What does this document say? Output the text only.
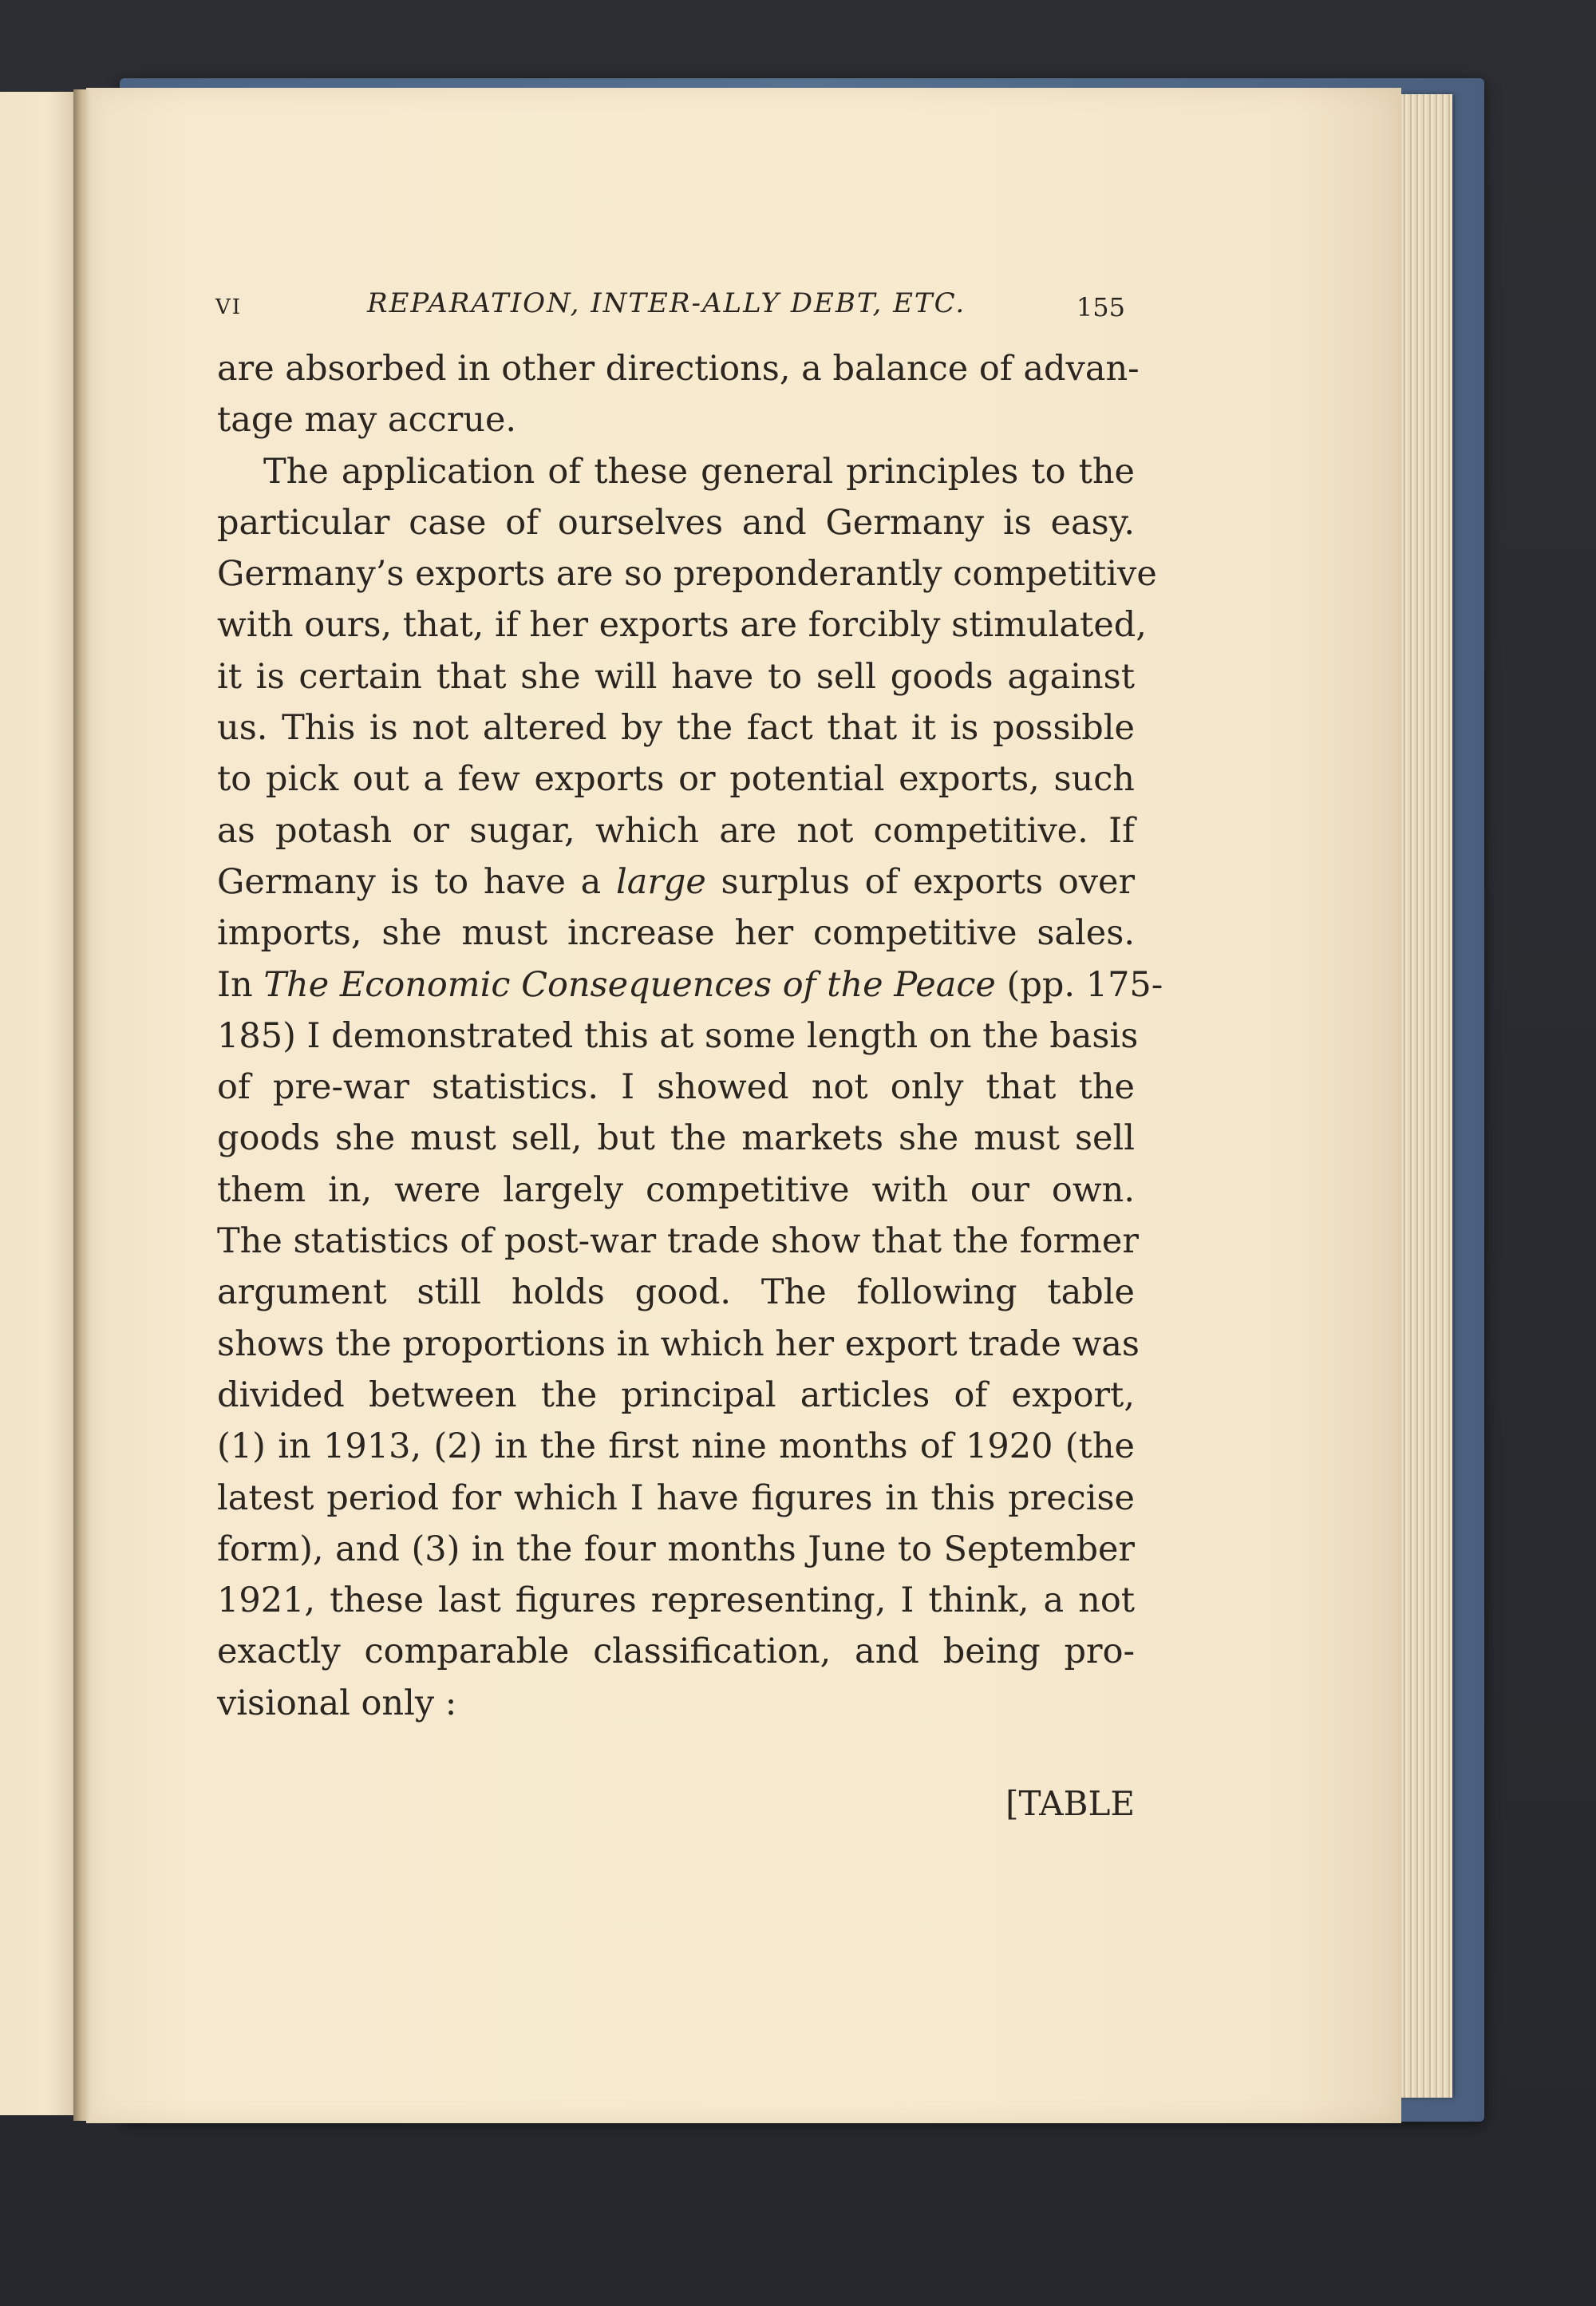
VI	REPARATION, INTER-ALLY DEBT, ETC.	155
are absorbed in other directions, a balance of advan-
tage may accrue.
The application of these general principles to the
particular case of ourselves and Germany is easy.
Germany’s exports are so preponderantly competitive
with ours, that, if her exports are forcibly stimulated,
it is certain that she will have to sell goods against
us. This is not altered by the fact that it is possible
to pick out a few exports or potential exports, such
as potash or sugar, which are not competitive. If
Germany is to have a large surplus of exports over
imports, she must increase her competitive sales.
In The Economic Consequences of the Peace (pp. 175-
185) I demonstrated this at some length on the basis
of pre-war statistics. I showed not only that the
goods she must sell, but the markets she must sell
them in, were largely competitive with our own.
The statistics of post-war trade show that the former
argument still holds good. The following table
shows the proportions in which her export trade was
divided between the principal articles of export,
(1) in 1913, (2) in the first nine months of 1920 (the
latest period for which I have figures in this precise
form), and (3) in the four months June to September
1921, these last figures representing, I think, a not
exactly comparable classification, and being pro-
visional only :
[TABLE
